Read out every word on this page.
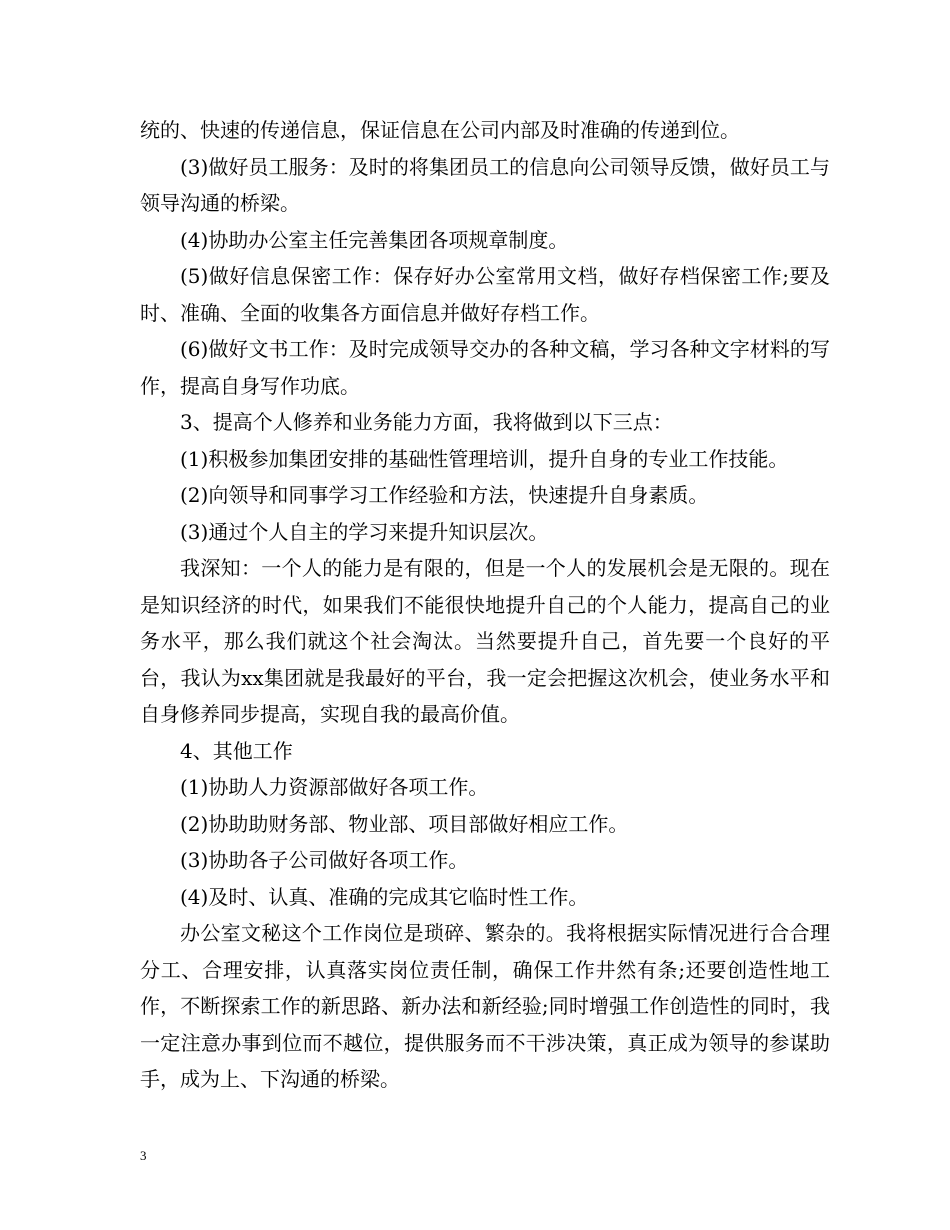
统的、快速的传递信息，保证信息在公司内部及时准确的传递到位。

(3)做好员工服务：及时的将集团员工的信息向公司领导反馈，做好员工与领导沟通的桥梁。

(4)协助办公室主任完善集团各项规章制度。

(5)做好信息保密工作：保存好办公室常用文档，做好存档保密工作;要及时、准确、全面的收集各方面信息并做好存档工作。

(6)做好文书工作：及时完成领导交办的各种文稿，学习各种文字材料的写作，提高自身写作功底。

3、提高个人修养和业务能力方面，我将做到以下三点：

(1)积极参加集团安排的基础性管理培训，提升自身的专业工作技能。

(2)向领导和同事学习工作经验和方法，快速提升自身素质。

(3)通过个人自主的学习来提升知识层次。

我深知：一个人的能力是有限的，但是一个人的发展机会是无限的。现在是知识经济的时代，如果我们不能很快地提升自己的个人能力，提高自己的业务水平，那么我们就这个社会淘汰。当然要提升自己，首先要一个良好的平台，我认为xx集团就是我最好的平台，我一定会把握这次机会，使业务水平和自身修养同步提高，实现自我的最高价值。

4、其他工作

(1)协助人力资源部做好各项工作。

(2)协助助财务部、物业部、项目部做好相应工作。

(3)协助各子公司做好各项工作。

(4)及时、认真、准确的完成其它临时性工作。

办公室文秘这个工作岗位是琐碎、繁杂的。我将根据实际情况进行合合理分工、合理安排，认真落实岗位责任制，确保工作井然有条;还要创造性地工作，不断探索工作的新思路、新办法和新经验;同时增强工作创造性的同时，我一定注意办事到位而不越位，提供服务而不干涉决策，真正成为领导的参谋助手，成为上、下沟通的桥梁。

3
